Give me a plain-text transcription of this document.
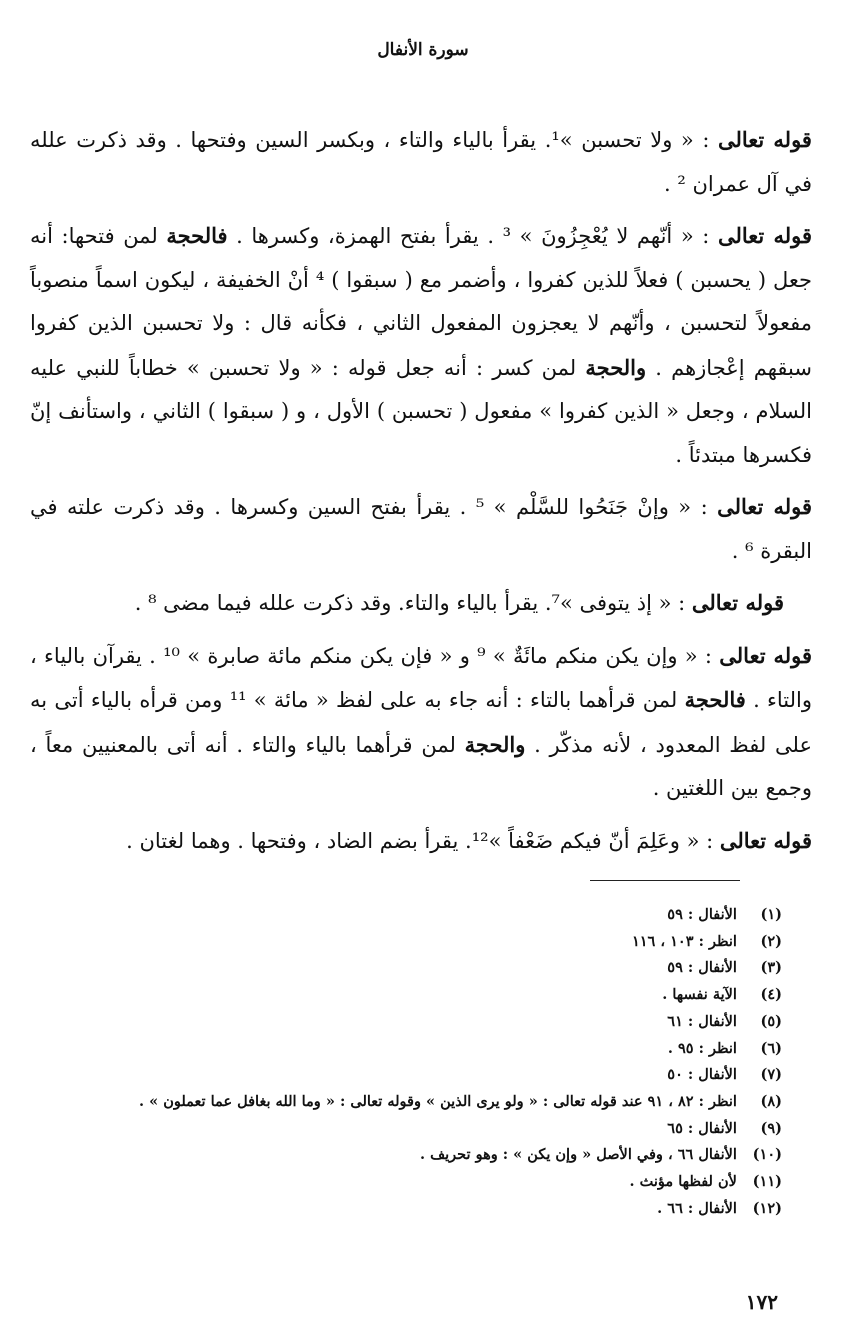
سورة الأنفال

قوله تعالى : « ولا تحسبن »¹. يقرأ بالياء والتاء ، وبكسر السين وفتحها . وقد ذكرت علله في آل عمران ² .

قوله تعالى : « أنّهم لا يُعْجِزُونَ » ³ . يقرأ بفتح الهمزة، وكسرها . فالحجة لمن فتحها: أنه جعل ( يحسبن ) فعلاً للذين كفروا ، وأضمر مع ( سبقوا ) ⁴ أنْ الخفيفة ، ليكون اسماً منصوباً مفعولاً لتحسبن ، وأنّهم لا يعجزون المفعول الثاني ، فكأنه قال : ولا تحسبن الذين كفروا سبقهم إعْجازهم . والحجة لمن كسر : أنه جعل قوله : « ولا تحسبن » خطاباً للنبي عليه السلام ، وجعل « الذين كفروا » مفعول ( تحسبن ) الأول ، و ( سبقوا ) الثاني ، واستأنف إنّ فكسرها مبتدئاً .

قوله تعالى : « وإنْ جَنَحُوا للسَّلْم » ⁵ . يقرأ بفتح السين وكسرها . وقد ذكرت علته في البقرة ⁶ .

قوله تعالى : « إذ يتوفى »⁷. يقرأ بالياء والتاء. وقد ذكرت علله فيما مضى ⁸ .

قوله تعالى : « وإن يكن منكم مائَةٌ » ⁹ و « فإن يكن منكم مائة صابرة » ¹⁰ . يقرآن بالياء ، والتاء . فالحجة لمن قرأهما بالتاء : أنه جاء به على لفظ « مائة » ¹¹ ومن قرأه بالياء أتى به على لفظ المعدود ، لأنه مذكّر . والحجة لمن قرأهما بالياء والتاء . أنه أتى بالمعنيين معاً ، وجمع بين اللغتين .

قوله تعالى : « وعَلِمَ أنّ فيكم ضَعْفاً »¹². يقرأ بضم الضاد ، وفتحها . وهما لغتان .

(١) الأنفال : ٥٩
(٢) انظر : ١٠٣ ، ١١٦
(٣) الأنفال : ٥٩
(٤) الآية نفسها .
(٥) الأنفال : ٦١
(٦) انظر : ٩٥ .
(٧) الأنفال : ٥٠
(٨) انظر : ٨٢ ، ٩١ عند قوله تعالى : « ولو يرى الذين » وقوله تعالى : « وما الله بغافل عما تعملون » .
(٩) الأنفال : ٦٥
(١٠) الأنفال ٦٦ ، وفي الأصل « وإن يكن » : وهو تحريف .
(١١) لأن لفظها مؤنث .
(١٢) الأنفال : ٦٦ .
١٧٢
